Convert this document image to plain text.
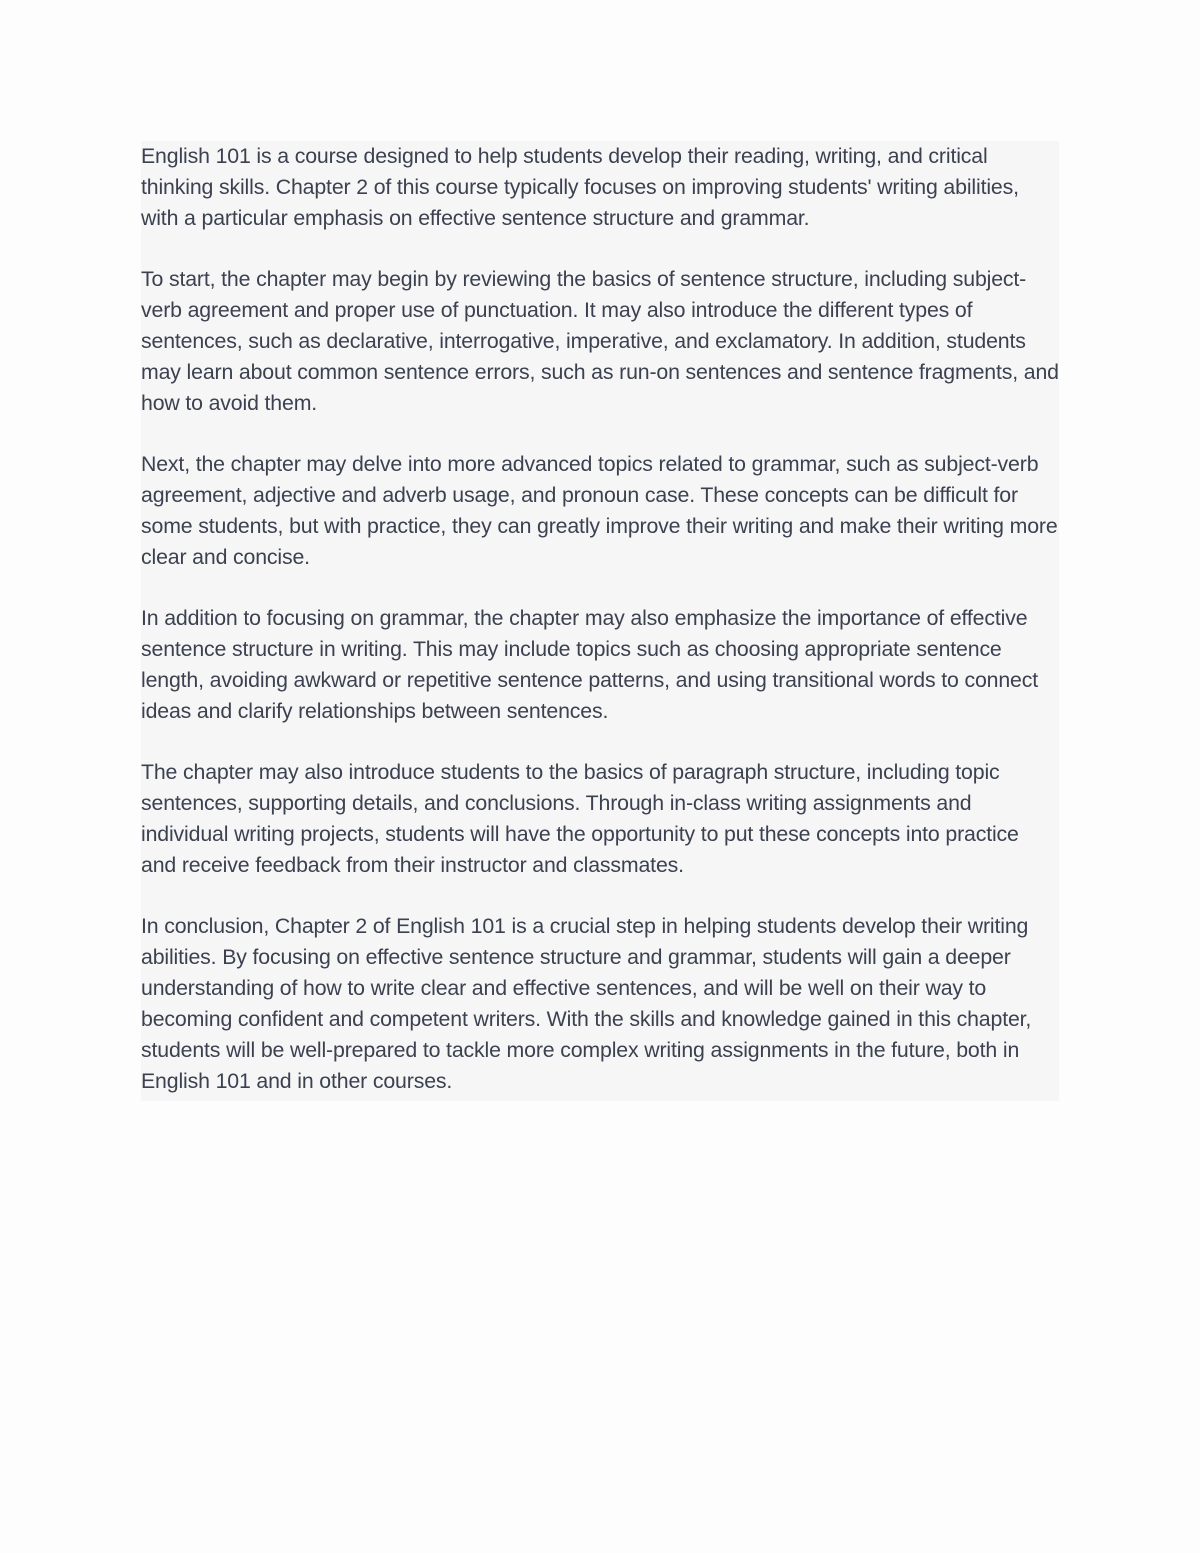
English 101 is a course designed to help students develop their reading, writing, and critical thinking skills. Chapter 2 of this course typically focuses on improving students' writing abilities, with a particular emphasis on effective sentence structure and grammar.

To start, the chapter may begin by reviewing the basics of sentence structure, including subject-verb agreement and proper use of punctuation. It may also introduce the different types of sentences, such as declarative, interrogative, imperative, and exclamatory. In addition, students may learn about common sentence errors, such as run-on sentences and sentence fragments, and how to avoid them.

Next, the chapter may delve into more advanced topics related to grammar, such as subject-verb agreement, adjective and adverb usage, and pronoun case. These concepts can be difficult for some students, but with practice, they can greatly improve their writing and make their writing more clear and concise.

In addition to focusing on grammar, the chapter may also emphasize the importance of effective sentence structure in writing. This may include topics such as choosing appropriate sentence length, avoiding awkward or repetitive sentence patterns, and using transitional words to connect ideas and clarify relationships between sentences.

The chapter may also introduce students to the basics of paragraph structure, including topic sentences, supporting details, and conclusions. Through in-class writing assignments and individual writing projects, students will have the opportunity to put these concepts into practice and receive feedback from their instructor and classmates.

In conclusion, Chapter 2 of English 101 is a crucial step in helping students develop their writing abilities. By focusing on effective sentence structure and grammar, students will gain a deeper understanding of how to write clear and effective sentences, and will be well on their way to becoming confident and competent writers. With the skills and knowledge gained in this chapter, students will be well-prepared to tackle more complex writing assignments in the future, both in English 101 and in other courses.
